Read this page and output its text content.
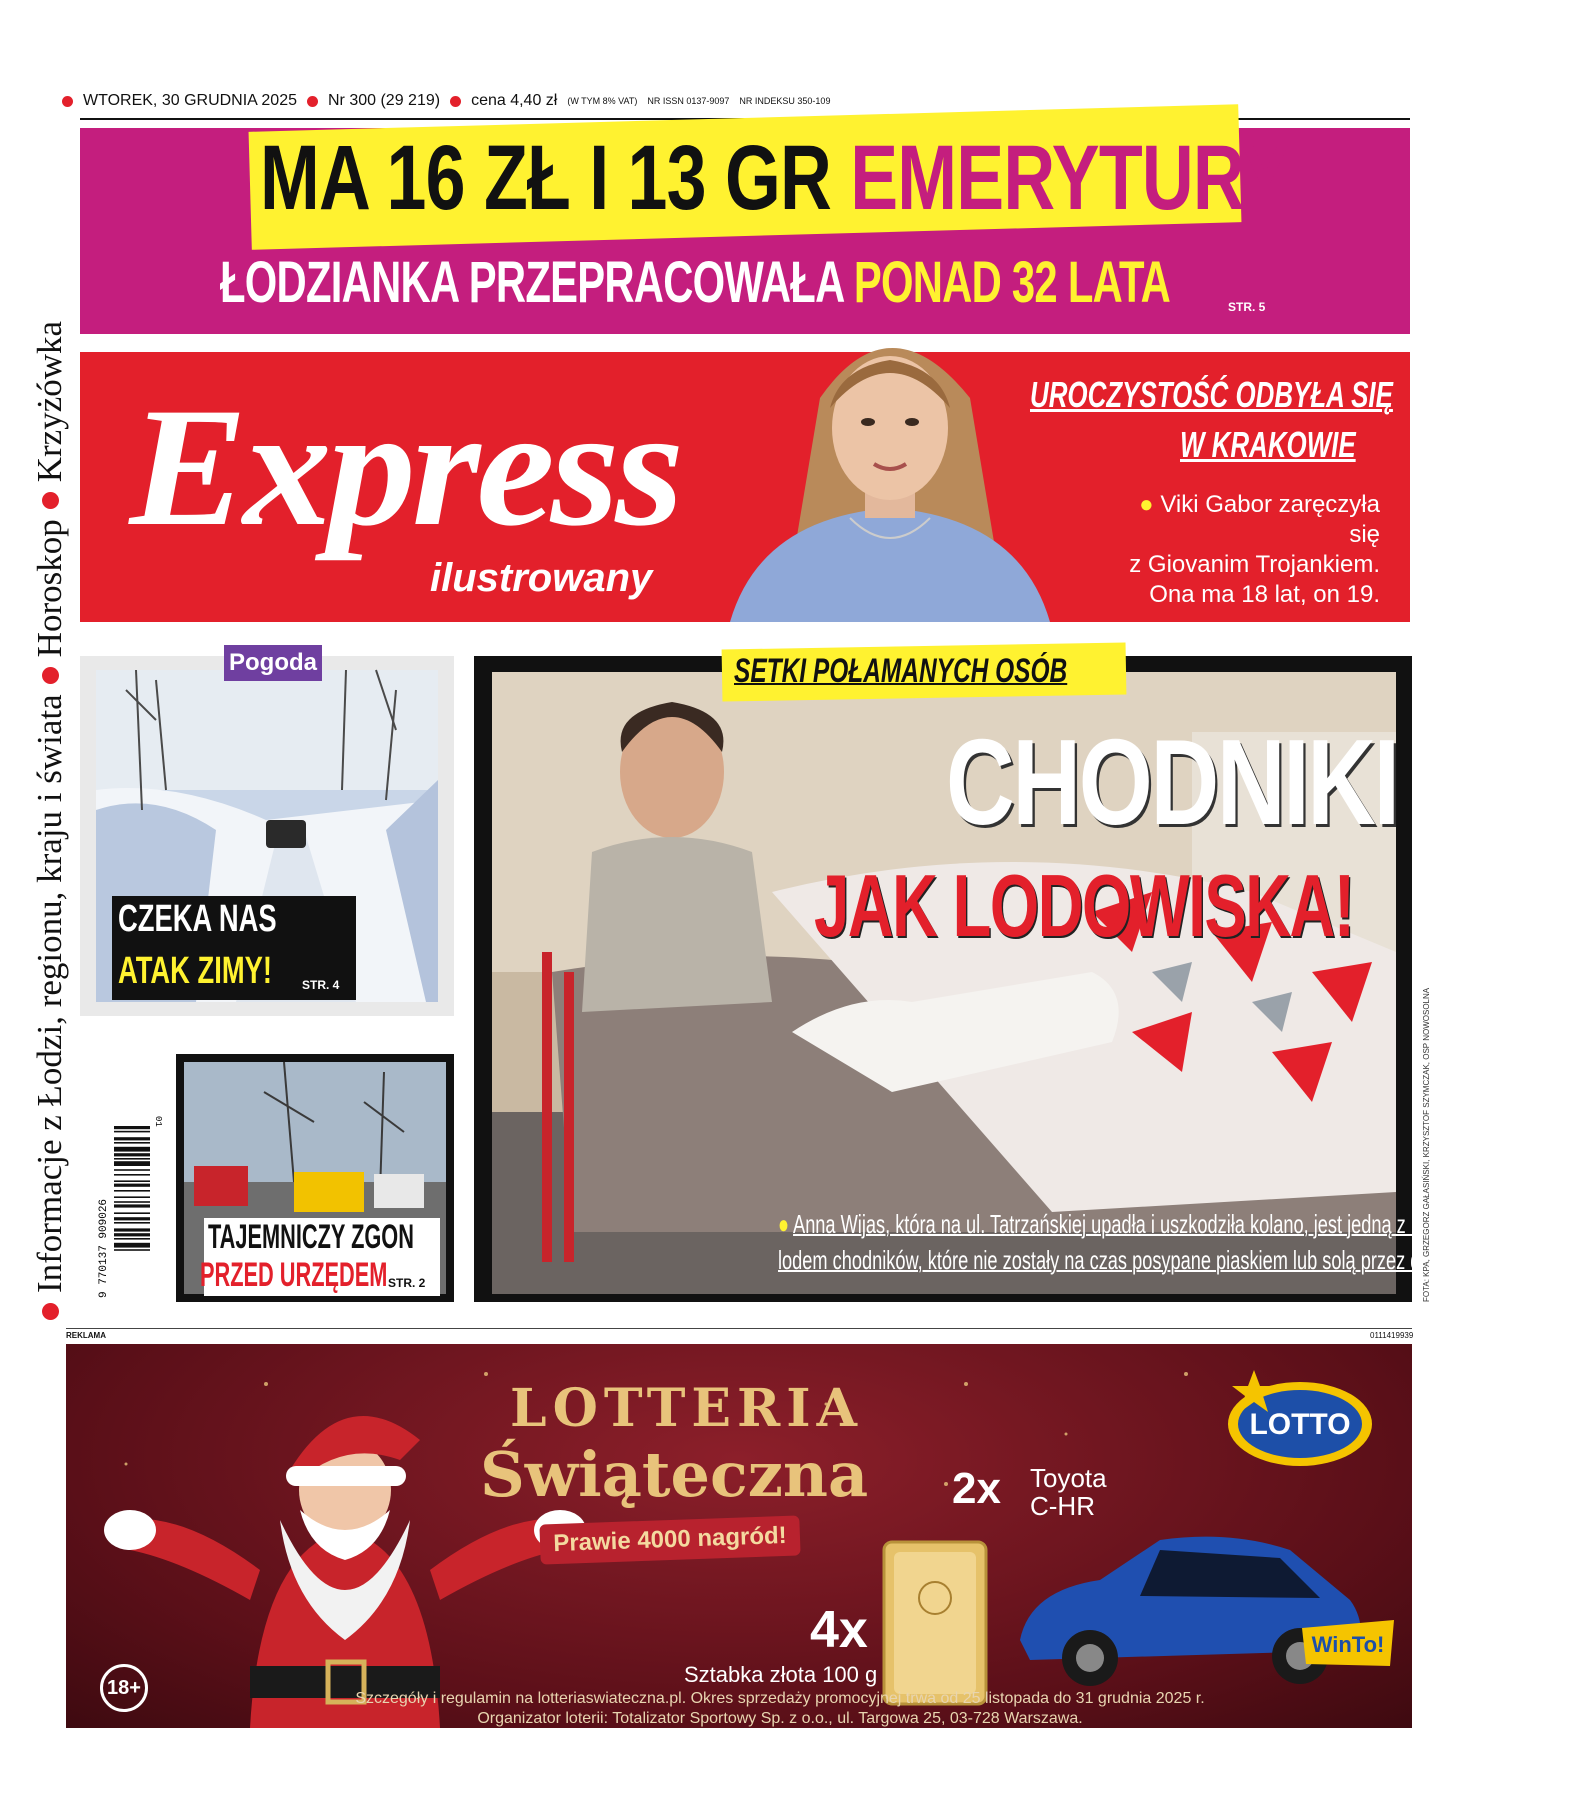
WTOREK, 30 GRUDNIA 2025 Nr 300 (29 219) cena 4,40 zł (W TYM 8% VAT) NR ISSN 0137-9097 NR INDEKSU 350-109
Informacje z Łodzi, regionu, kraju i świata
Horoskop
Krzyżówka
MA 16 ZŁ I 13 GR EMERYTURY!
ŁODZIANKA PRZEPRACOWAŁA PONAD 32 LATA	STR. 5
Express
ilustrowany
UROCZYSTOŚĆ ODBYŁA SIĘ
W KRAKOWIE
● Viki Gabor zaręczyła się
z Giovanim Trojankiem.
Ona ma 18 lat, on 19. STR. 13
Pogoda
CZEKA NAS
ATAK ZIMY! STR. 4
01
9 770137 909026	TAJEMNICZY ZGON
PRZED URZĘDEM STR. 2
SETKI POŁAMANYCH OSÓB
CHODNIKI
JAK LODOWISKA!
● Anna Wijas, która na ul. Tatrzańskiej upadła i uszkodziła kolano, jest jedną z kilkuset ofiar skutych
lodem chodników, które nie zostały na czas posypane piaskiem lub solą przez dozorców STR. 3
FOTA: KPA, GRZEGORZ GAŁASIŃSKI, KRZYSZTOF SZYMCZAK, OSP NOWOSOLNA
REKLAMA	0111419939
LOTTERIA
Świąteczna
Prawie 4000 nagród!
4x
Sztabka złota 100 g
2x Toyota
C-HR
LOTTO
WinTo!
18+	Szczegóły i regulamin na lotteriaswiateczna.pl. Okres sprzedaży promocyjnej trwa od 25 listopada do 31 grudnia 2025 r.
Organizator loterii: Totalizator Sportowy Sp. z o.o., ul. Targowa 25, 03-728 Warszawa.
